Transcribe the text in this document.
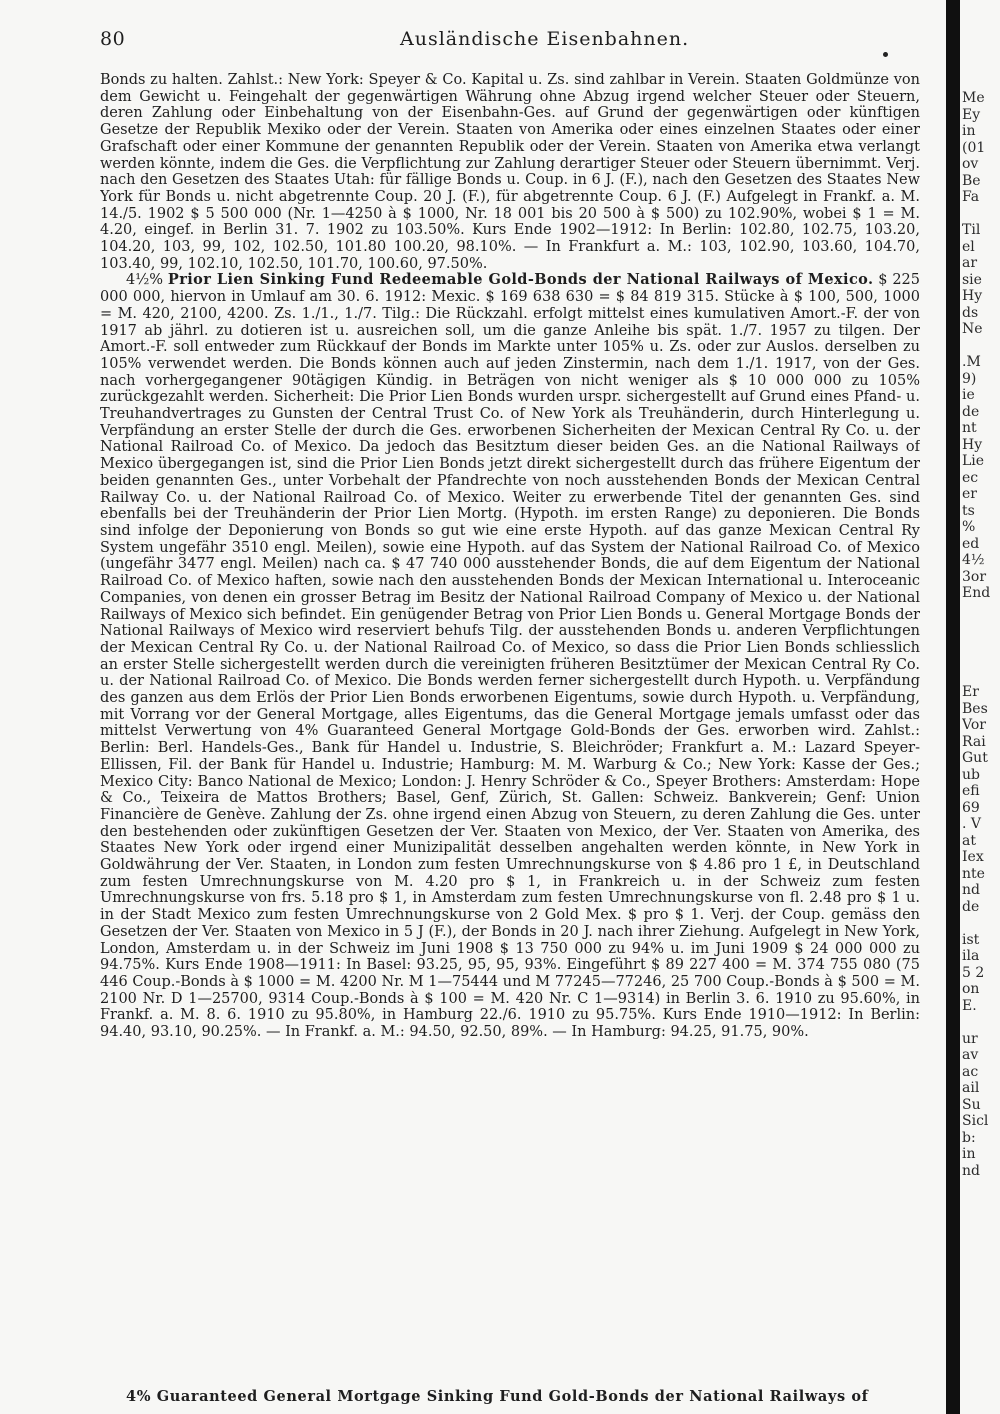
80	Ausländische Eisenbahnen.

Bonds zu halten. Zahlst.: New York: Speyer & Co. Kapital u. Zs. sind zahlbar in Verein. Staaten Goldmünze von dem Gewicht u. Feingehalt der gegenwärtigen Währung ohne Abzug irgend welcher Steuer oder Steuern, deren Zahlung oder Einbehaltung von der Eisenbahn-Ges. auf Grund der gegenwärtigen oder künftigen Gesetze der Republik Mexiko oder der Verein. Staaten von Amerika oder eines einzelnen Staates oder einer Grafschaft oder einer Kommune der genannten Republik oder der Verein. Staaten von Amerika etwa verlangt werden könnte, indem die Ges. die Verpflichtung zur Zahlung derartiger Steuer oder Steuern übernimmt. Verj. nach den Gesetzen des Staates Utah: für fällige Bonds u. Coup. in 6 J. (F.), nach den Gesetzen des Staates New York für Bonds u. nicht abgetrennte Coup. 20 J. (F.), für abgetrennte Coup. 6 J. (F.) Aufgelegt in Frankf. a. M. 14./5. 1902 $ 5 500 000 (Nr. 1—4250 à $ 1000, Nr. 18 001 bis 20 500 à $ 500) zu 102.90%, wobei $ 1 = M. 4.20, eingef. in Berlin 31. 7. 1902 zu 103.50%. Kurs Ende 1902—1912: In Berlin: 102.80, 102.75, 103.20, 104.20, 103, 99, 102, 102.50, 101.80 100.20, 98.10%. — In Frankfurt a. M.: 103, 102.90, 103.60, 104.70, 103.40, 99, 102.10, 102.50, 101.70, 100.60, 97.50%.

4½% Prior Lien Sinking Fund Redeemable Gold-Bonds der National Railways of Mexico. $ 225 000 000, hiervon in Umlauf am 30. 6. 1912: Mexic. $ 169 638 630 = $ 84 819 315. Stücke à $ 100, 500, 1000 = M. 420, 2100, 4200. Zs. 1./1., 1./7. Tilg.: Die Rückzahl. erfolgt mittelst eines kumulativen Amort.-F. der von 1917 ab jährl. zu dotieren ist u. ausreichen soll, um die ganze Anleihe bis spät. 1./7. 1957 zu tilgen. Der Amort.-F. soll entweder zum Rückkauf der Bonds im Markte unter 105% u. Zs. oder zur Auslos. derselben zu 105% verwendet werden. Die Bonds können auch auf jeden Zinstermin, nach dem 1./1. 1917, von der Ges. nach vorhergegangener 90tägigen Kündig. in Beträgen von nicht weniger als $ 10 000 000 zu 105% zurückgezahlt werden. Sicherheit: Die Prior Lien Bonds wurden urspr. sichergestellt auf Grund eines Pfand- u. Treuhandvertrages zu Gunsten der Central Trust Co. of New York als Treuhänderin, durch Hinterlegung u. Verpfändung an erster Stelle der durch die Ges. erworbenen Sicherheiten der Mexican Central Ry Co. u. der National Railroad Co. of Mexico. Da jedoch das Besitztum dieser beiden Ges. an die National Railways of Mexico übergegangen ist, sind die Prior Lien Bonds jetzt direkt sichergestellt durch das frühere Eigentum der beiden genannten Ges., unter Vorbehalt der Pfandrechte von noch ausstehenden Bonds der Mexican Central Railway Co. u. der National Railroad Co. of Mexico. Weiter zu erwerbende Titel der genannten Ges. sind ebenfalls bei der Treuhänderin der Prior Lien Mortg. (Hypoth. im ersten Range) zu deponieren. Die Bonds sind infolge der Deponierung von Bonds so gut wie eine erste Hypoth. auf das ganze Mexican Central Ry System ungefähr 3510 engl. Meilen), sowie eine Hypoth. auf das System der National Railroad Co. of Mexico (ungefähr 3477 engl. Meilen) nach ca. $ 47 740 000 ausstehender Bonds, die auf dem Eigentum der National Railroad Co. of Mexico haften, sowie nach den ausstehenden Bonds der Mexican International u. Interoceanic Companies, von denen ein grosser Betrag im Besitz der National Railroad Company of Mexico u. der National Railways of Mexico sich befindet. Ein genügender Betrag von Prior Lien Bonds u. General Mortgage Bonds der National Railways of Mexico wird reserviert behufs Tilg. der ausstehenden Bonds u. anderen Verpflichtungen der Mexican Central Ry Co. u. der National Railroad Co. of Mexico, so dass die Prior Lien Bonds schliesslich an erster Stelle sichergestellt werden durch die vereinigten früheren Besitztümer der Mexican Central Ry Co. u. der National Railroad Co. of Mexico. Die Bonds werden ferner sichergestellt durch Hypoth. u. Verpfändung des ganzen aus dem Erlös der Prior Lien Bonds erworbenen Eigentums, sowie durch Hypoth. u. Verpfändung, mit Vorrang vor der General Mortgage, alles Eigentums, das die General Mortgage jemals umfasst oder das mittelst Verwertung von 4% Guaranteed General Mortgage Gold-Bonds der Ges. erworben wird. Zahlst.: Berlin: Berl. Handels-Ges., Bank für Handel u. Industrie, S. Bleichröder; Frankfurt a. M.: Lazard Speyer-Ellissen, Fil. der Bank für Handel u. Industrie; Hamburg: M. M. Warburg & Co.; New York: Kasse der Ges.; Mexico City: Banco National de Mexico; London: J. Henry Schröder & Co., Speyer Brothers: Amsterdam: Hope & Co., Teixeira de Mattos Brothers; Basel, Genf, Zürich, St. Gallen: Schweiz. Bankverein; Genf: Union Financière de Genève. Zahlung der Zs. ohne irgend einen Abzug von Steuern, zu deren Zahlung die Ges. unter den bestehenden oder zukünftigen Gesetzen der Ver. Staaten von Mexico, der Ver. Staaten von Amerika, des Staates New York oder irgend einer Munizipalität desselben angehalten werden könnte, in New York in Goldwährung der Ver. Staaten, in London zum festen Umrechnungskurse von $ 4.86 pro 1 £, in Deutschland zum festen Umrechnungskurse von M. 4.20 pro $ 1, in Frankreich u. in der Schweiz zum festen Umrechnungskurse von frs. 5.18 pro $ 1, in Amsterdam zum festen Umrechnungskurse von fl. 2.48 pro $ 1 u. in der Stadt Mexico zum festen Umrechnungskurse von 2 Gold Mex. $ pro $ 1. Verj. der Coup. gemäss den Gesetzen der Ver. Staaten von Mexico in 5 J (F.), der Bonds in 20 J. nach ihrer Ziehung. Aufgelegt in New York, London, Amsterdam u. in der Schweiz im Juni 1908 $ 13 750 000 zu 94% u. im Juni 1909 $ 24 000 000 zu 94.75%. Kurs Ende 1908—1911: In Basel: 93.25, 95, 95, 93%. Eingeführt $ 89 227 400 = M. 374 755 080 (75 446 Coup.-Bonds à $ 1000 = M. 4200 Nr. M 1—75444 und M 77245—77246, 25 700 Coup.-Bonds à $ 500 = M. 2100 Nr. D 1—25700, 9314 Coup.-Bonds à $ 100 = M. 420 Nr. C 1—9314) in Berlin 3. 6. 1910 zu 95.60%, in Frankf. a. M. 8. 6. 1910 zu 95.80%, in Hamburg 22./6. 1910 zu 95.75%. Kurs Ende 1910—1912: In Berlin: 94.40, 93.10, 90.25%. — In Frankf. a. M.: 94.50, 92.50, 89%. — In Hamburg: 94.25, 91.75, 90%.

4% Guaranteed General Mortgage Sinking Fund Gold-Bonds der National Railways of
Me
Ey
in
(01
ov
Be
Fa
Til
el
ar
sie
Hy
ds
Ne
.M
9)
ie
de
nt
Hy
Lie
ec
er
ts
%
ed
4½
3or
End
Er
Bes
Vor
Rai
Gut
ub
efi
69
. V
at
Iex
nte
nd
de
ist
ila
5 2
on
E.
ur
av
ac
ail
Su
Sicl
b:
in
nd
